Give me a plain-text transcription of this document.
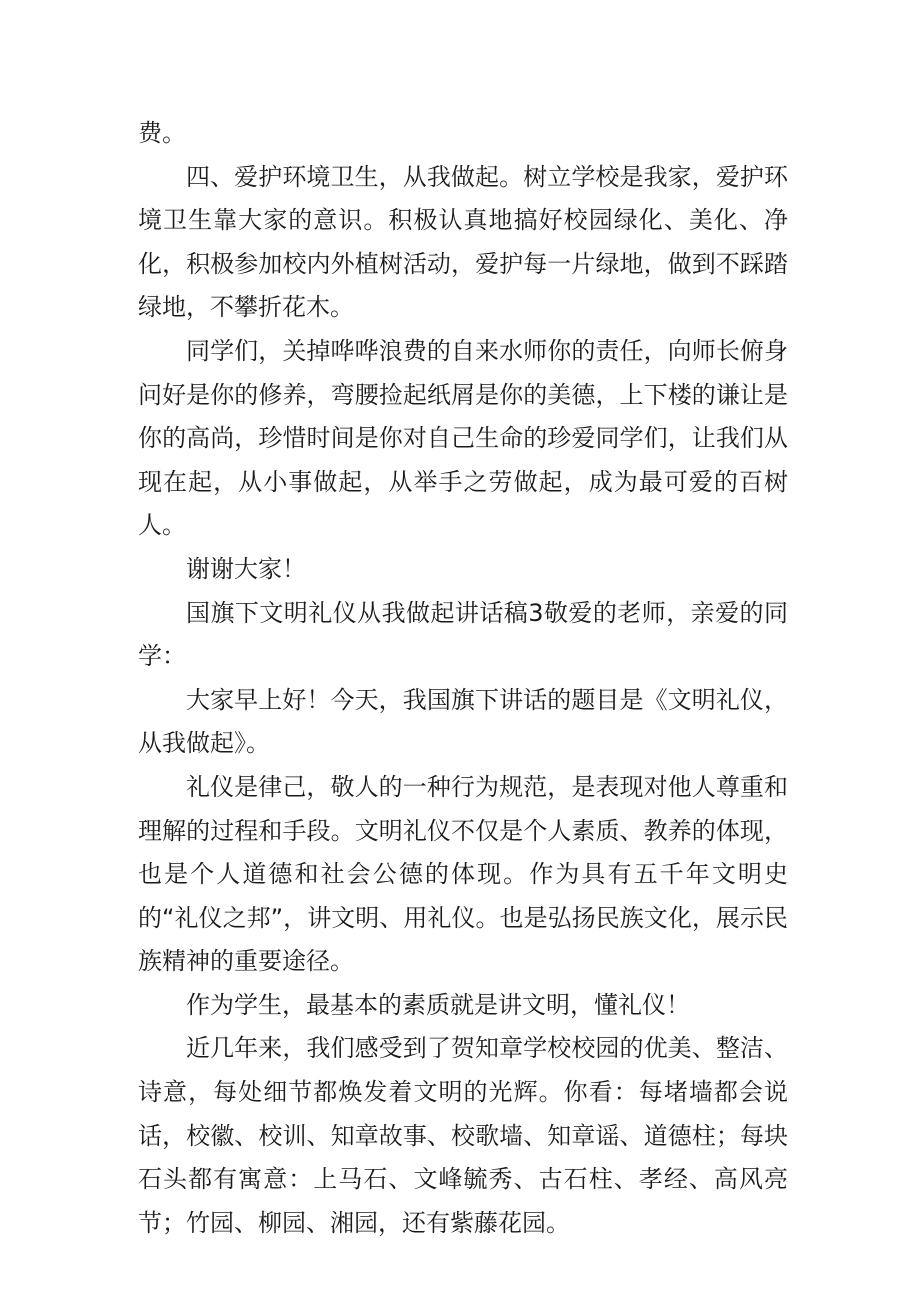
费。

四、爱护环境卫生，从我做起。树立学校是我家，爱护环境卫生靠大家的意识。积极认真地搞好校园绿化、美化、净化，积极参加校内外植树活动，爱护每一片绿地，做到不踩踏绿地，不攀折花木。

同学们，关掉哗哗浪费的自来水师你的责任，向师长俯身问好是你的修养，弯腰捡起纸屑是你的美德，上下楼的谦让是你的高尚，珍惜时间是你对自己生命的珍爱同学们，让我们从现在起，从小事做起，从举手之劳做起，成为最可爱的百树人。

谢谢大家！

国旗下文明礼仪从我做起讲话稿3敬爱的老师，亲爱的同学：

大家早上好！今天，我国旗下讲话的题目是《文明礼仪，从我做起》。

礼仪是律己，敬人的一种行为规范，是表现对他人尊重和理解的过程和手段。文明礼仪不仅是个人素质、教养的体现，也是个人道德和社会公德的体现。作为具有五千年文明史的“礼仪之邦”，讲文明、用礼仪。也是弘扬民族文化，展示民族精神的重要途径。

作为学生，最基本的素质就是讲文明，懂礼仪！

近几年来，我们感受到了贺知章学校校园的优美、整洁、诗意，每处细节都焕发着文明的光辉。你看：每堵墙都会说话，校徽、校训、知章故事、校歌墙、知章谣、道德柱；每块石头都有寓意：上马石、文峰毓秀、古石柱、孝经、高风亮节；竹园、柳园、湘园，还有紫藤花园。
